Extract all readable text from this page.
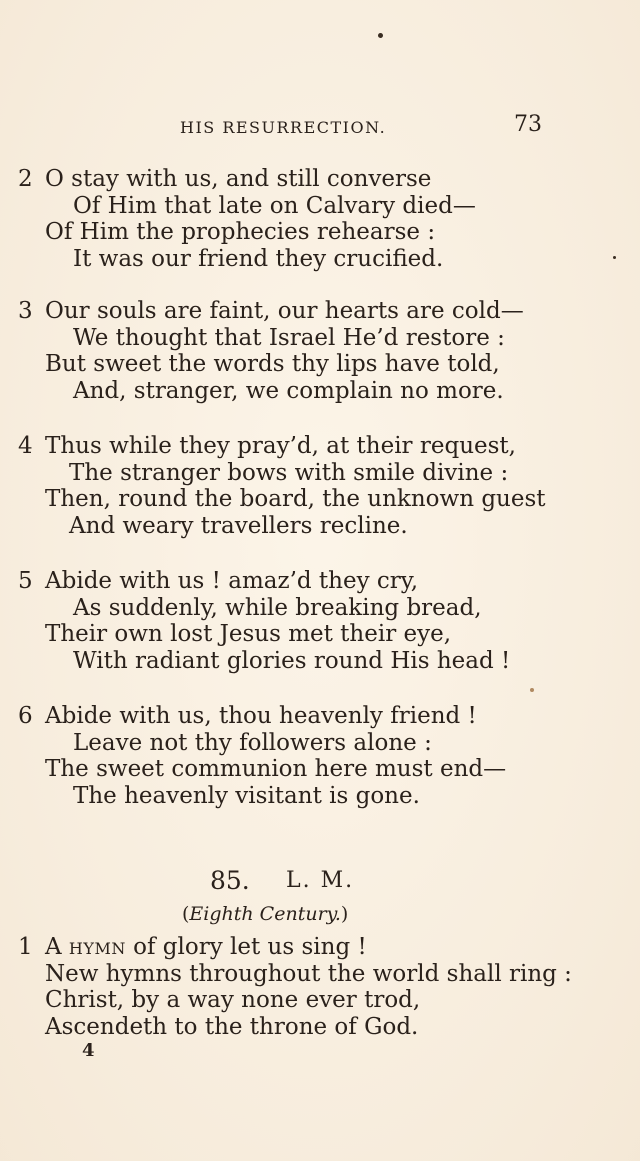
HIS RESURRECTION.	73
2 O stay with us, and still converse
Of Him that late on Calvary died—
Of Him the prophecies rehearse :
It was our friend they crucified.
3 Our souls are faint, our hearts are cold—
We thought that Israel He’d restore :
But sweet the words thy lips have told,
And, stranger, we complain no more.
4 Thus while they pray’d, at their request,
The stranger bows with smile divine :
Then, round the board, the unknown guest
And weary travellers recline.
5 Abide with us ! amaz’d they cry,
As suddenly, while breaking bread,
Their own lost Jesus met their eye,
With radiant glories round His head !
6 Abide with us, thou heavenly friend !
Leave not thy followers alone :
The sweet communion here must end—
The heavenly visitant is gone.
85. L. M.
(Eighth Century.)
1 A hymn of glory let us sing !
New hymns throughout the world shall ring :
Christ, by a way none ever trod,
Ascendeth to the throne of God.
4
